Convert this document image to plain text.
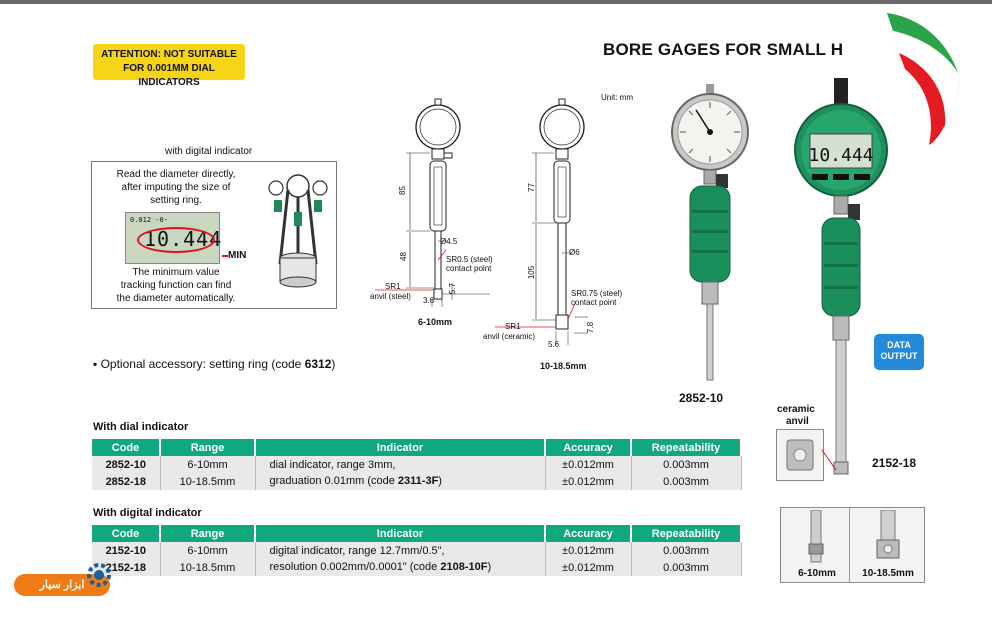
ATTENTION: NOT SUITABLE
FOR 0.001MM DIAL INDICATORS
BORE GAGES FOR SMALL H
Unit: mm
with digital indicator
Read the diameter directly,
after imputing the size of
setting ring.
0.012 -0-
10.444
MIN
The minimum value
tracking function can find
the diameter automatically.
▪ Optional accessory: setting ring (code 6312)
85
48
Ø4.5
SR0.5 (steel)
contact point
SR1
anvil (steel) 3.6
5.7
6-10mm
77
105
Ø6
SR0.75 (steel)
contact point
SR1
anvil (ceramic)
5.6
7.8
10-18.5mm
2852-10
10.444
DATA
OUTPUT
2152-18
ceramic
anvil
6-10mm	10-18.5mm
With dial indicator
Code	Range	Indicator	Accuracy	Repeatability
2852-10	6-10mm	dial indicator, range 3mm,
graduation 0.01mm (code 2311-3F)	±0.012mm	0.003mm
2852-18	10-18.5mm		±0.012mm	0.003mm
With digital indicator
Code	Range	Indicator	Accuracy	Repeatability
2152-10	6-10mm	digital indicator, range 12.7mm/0.5",
resolution 0.002mm/0.0001" (code 2108-10F)	±0.012mm	0.003mm
2152-18	10-18.5mm		±0.012mm	0.003mm
ابزار سیار
